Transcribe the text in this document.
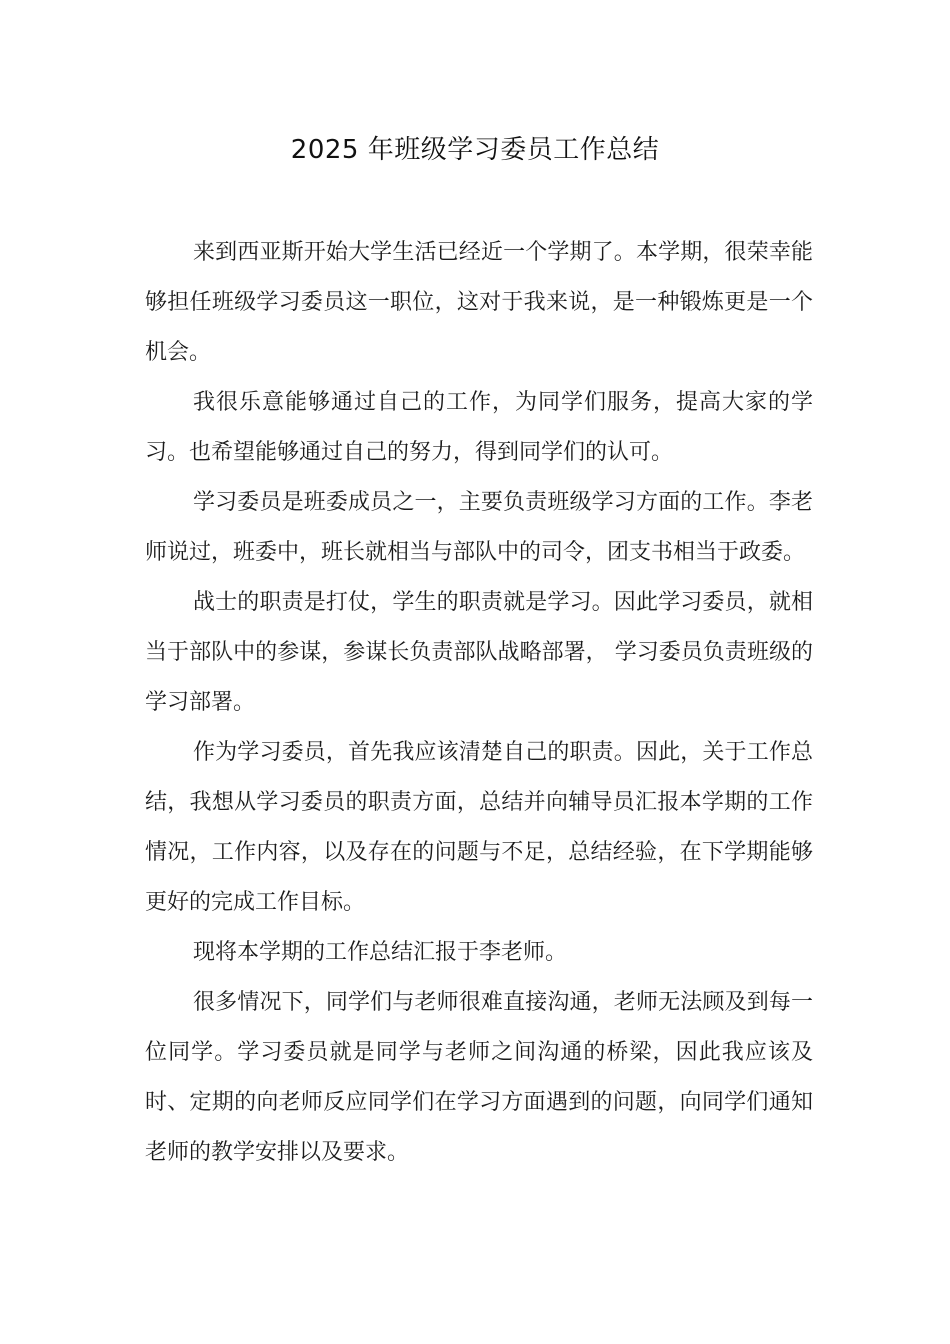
2025 年班级学习委员工作总结

来到西亚斯开始大学生活已经近一个学期了。本学期，很荣幸能够担任班级学习委员这一职位，这对于我来说，是一种锻炼更是一个机会。

我很乐意能够通过自己的工作，为同学们服务，提高大家的学习。也希望能够通过自己的努力，得到同学们的认可。

学习委员是班委成员之一，主要负责班级学习方面的工作。李老师说过，班委中，班长就相当与部队中的司令，团支书相当于政委。

战士的职责是打仗，学生的职责就是学习。因此学习委员，就相当于部队中的参谋，参谋长负责部队战略部署， 学习委员负责班级的学习部署。

作为学习委员，首先我应该清楚自己的职责。因此，关于工作总结，我想从学习委员的职责方面，总结并向辅导员汇报本学期的工作情况，工作内容，以及存在的问题与不足，总结经验，在下学期能够更好的完成工作目标。

现将本学期的工作总结汇报于李老师。

很多情况下，同学们与老师很难直接沟通，老师无法顾及到每一位同学。学习委员就是同学与老师之间沟通的桥梁，因此我应该及时、定期的向老师反应同学们在学习方面遇到的问题，向同学们通知老师的教学安排以及要求。
